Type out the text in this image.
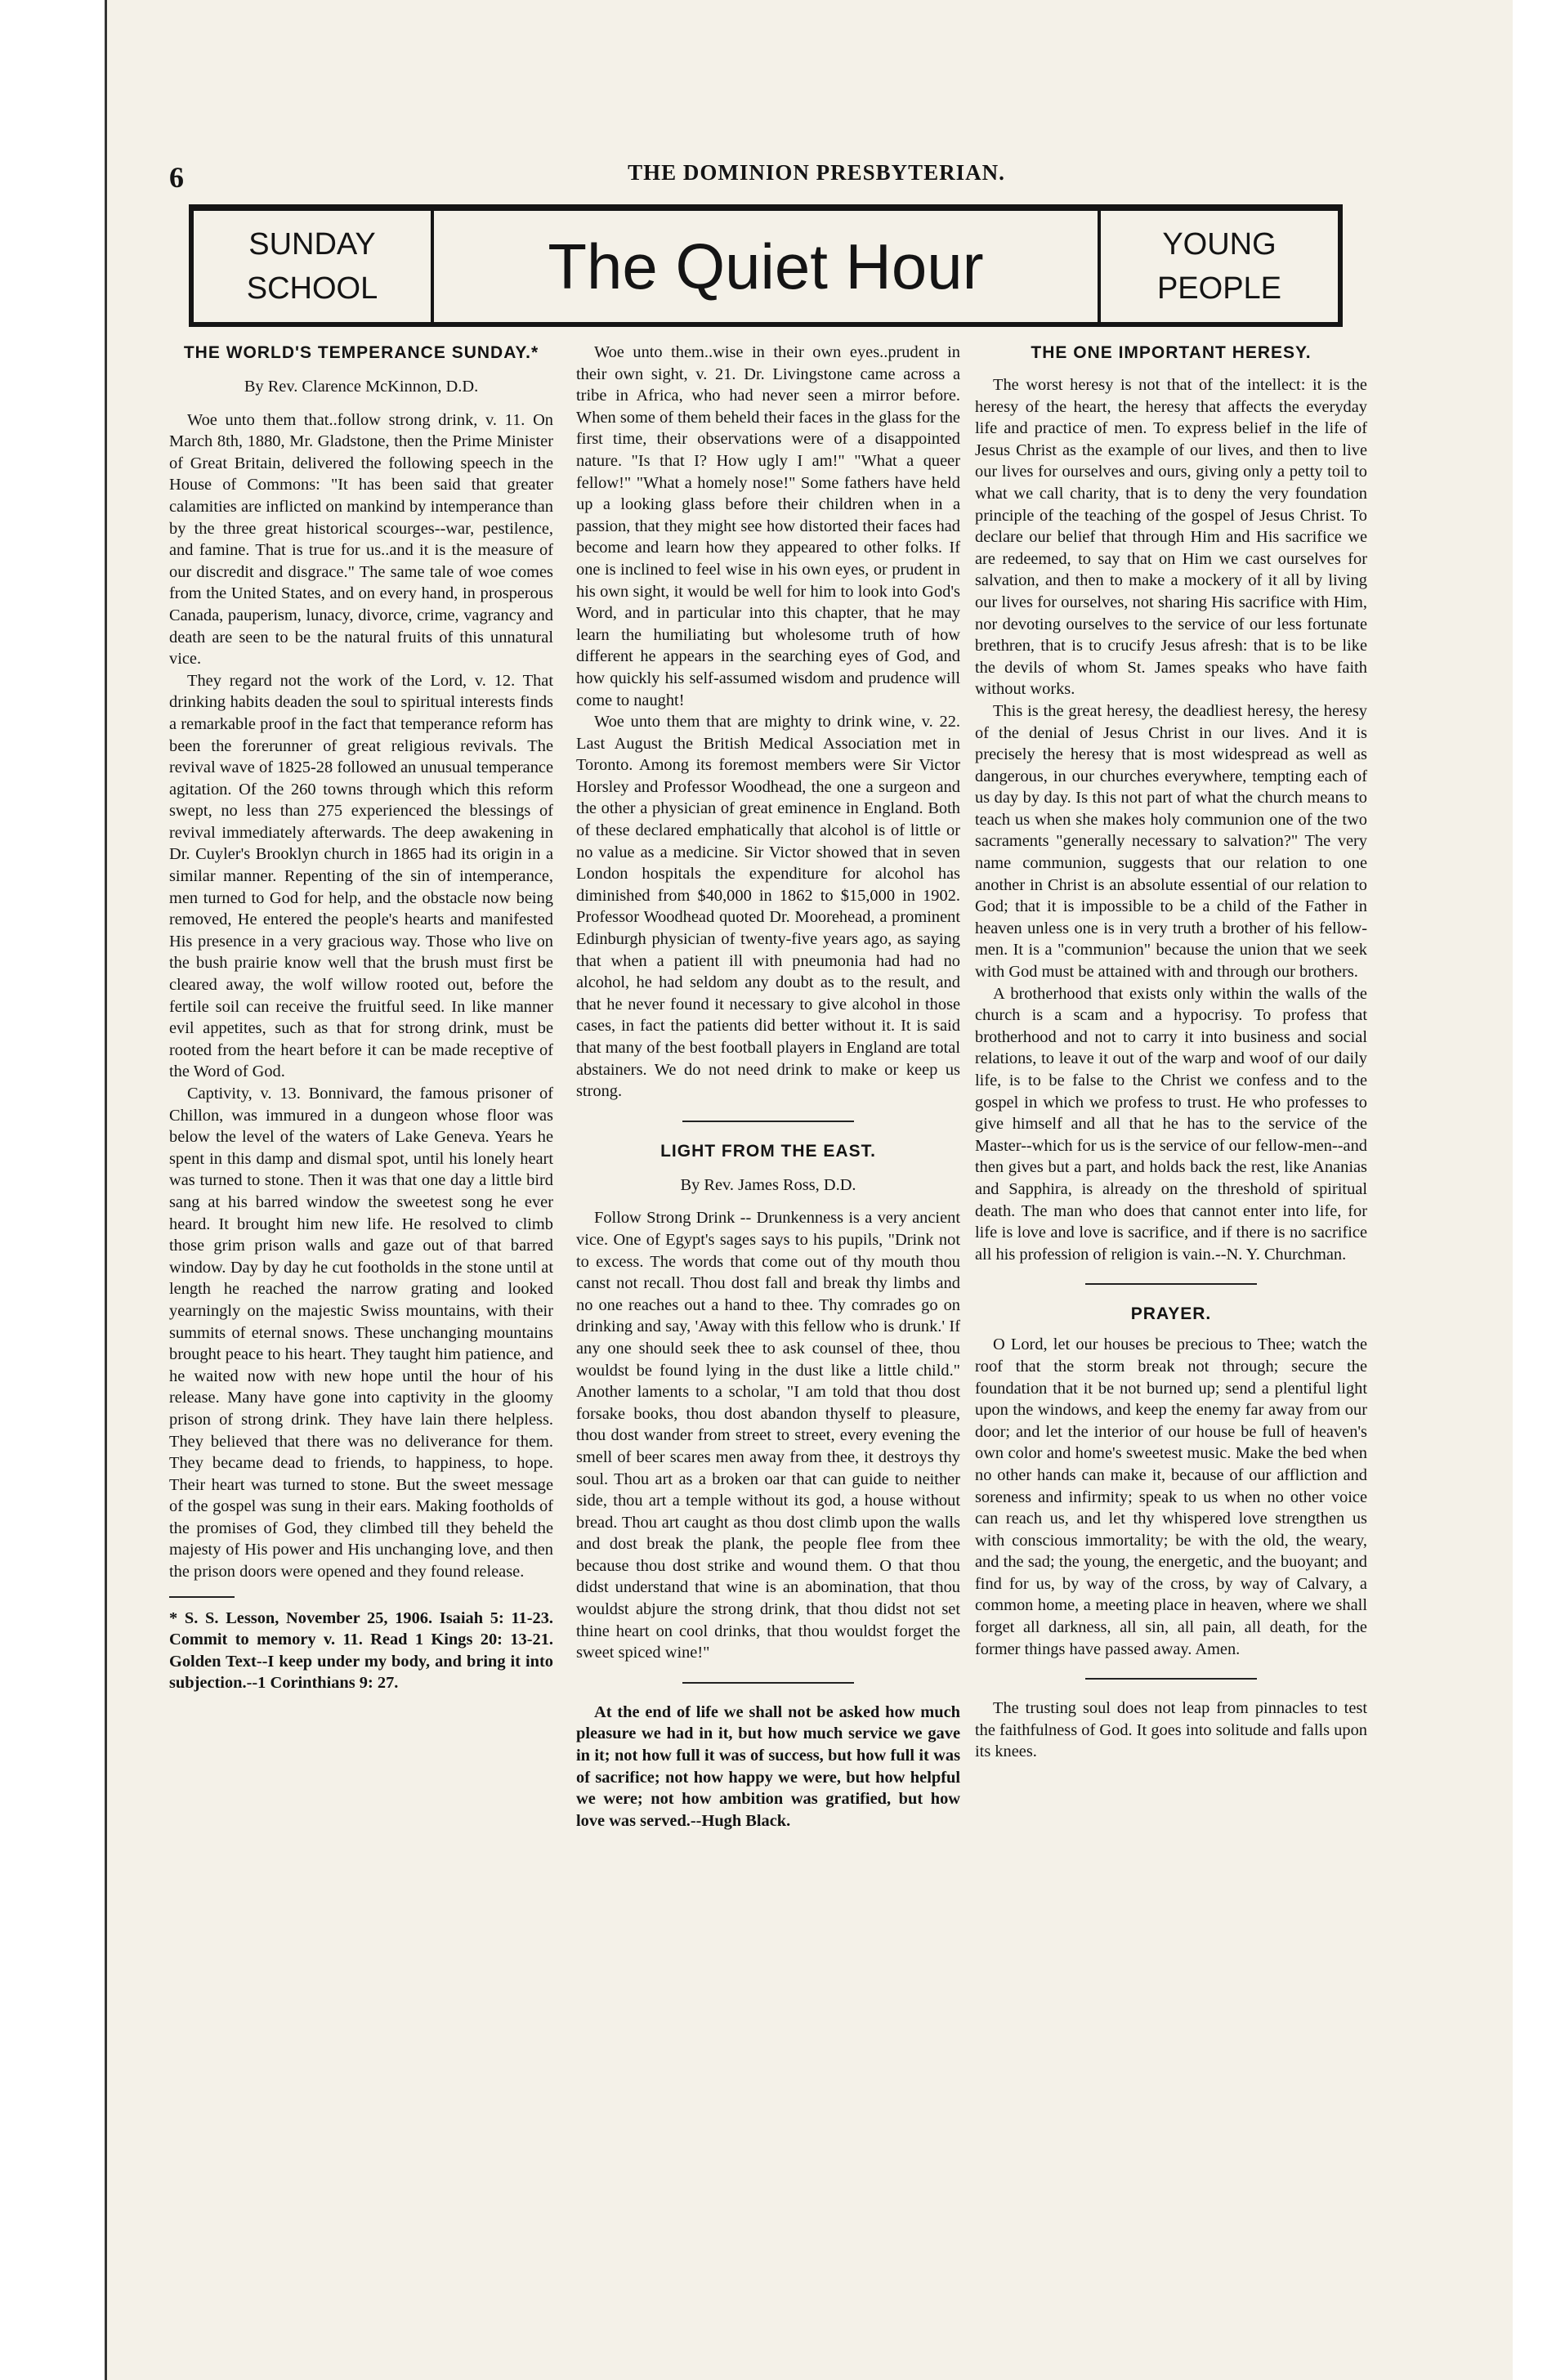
6	THE DOMINION PRESBYTERIAN.
SUNDAY
SCHOOL	The Quiet Hour	YOUNG
PEOPLE
THE WORLD'S TEMPERANCE SUNDAY.*
By Rev. Clarence McKinnon, D.D.

Woe unto them that..follow strong drink, v. 11. On March 8th, 1880, Mr. Gladstone, then the Prime Minister of Great Britain, delivered the following speech in the House of Commons: "It has been said that greater calamities are inflicted on mankind by intemperance than by the three great historical scourges--war, pestilence, and famine. That is true for us..and it is the measure of our discredit and disgrace." The same tale of woe comes from the United States, and on every hand, in prosperous Canada, pauperism, lunacy, divorce, crime, vagrancy and death are seen to be the natural fruits of this unnatural vice.

They regard not the work of the Lord, v. 12. That drinking habits deaden the soul to spiritual interests finds a remarkable proof in the fact that temperance reform has been the forerunner of great religious revivals. The revival wave of 1825-28 followed an unusual temperance agitation. Of the 260 towns through which this reform swept, no less than 275 experienced the blessings of revival immediately afterwards. The deep awakening in Dr. Cuyler's Brooklyn church in 1865 had its origin in a similar manner. Repenting of the sin of intemperance, men turned to God for help, and the obstacle now being removed, He entered the people's hearts and manifested His presence in a very gracious way. Those who live on the bush prairie know well that the brush must first be cleared away, the wolf willow rooted out, before the fertile soil can receive the fruitful seed. In like manner evil appetites, such as that for strong drink, must be rooted from the heart before it can be made receptive of the Word of God.

Captivity, v. 13. Bonnivard, the famous prisoner of Chillon, was immured in a dungeon whose floor was below the level of the waters of Lake Geneva. Years he spent in this damp and dismal spot, until his lonely heart was turned to stone. Then it was that one day a little bird sang at his barred window the sweetest song he ever heard. It brought him new life. He resolved to climb those grim prison walls and gaze out of that barred window. Day by day he cut footholds in the stone until at length he reached the narrow grating and looked yearningly on the majestic Swiss mountains, with their summits of eternal snows. These unchanging mountains brought peace to his heart. They taught him patience, and he waited now with new hope until the hour of his release. Many have gone into captivity in the gloomy prison of strong drink. They have lain there helpless. They believed that there was no deliverance for them. They became dead to friends, to happiness, to hope. Their heart was turned to stone. But the sweet message of the gospel was sung in their ears. Making footholds of the promises of God, they climbed till they beheld the majesty of His power and His unchanging love, and then the prison doors were opened and they found release.

* S. S. Lesson, November 25, 1906. Isaiah 5: 11-23. Commit to memory v. 11. Read 1 Kings 20: 13-21. Golden Text--I keep under my body, and bring it into subjection.--1 Corinthians 9: 27.

Woe unto them..wise in their own eyes..prudent in their own sight, v. 21. Dr. Livingstone came across a tribe in Africa, who had never seen a mirror before. When some of them beheld their faces in the glass for the first time, their observations were of a disappointed nature. "Is that I? How ugly I am!" "What a queer fellow!" "What a homely nose!" Some fathers have held up a looking glass before their children when in a passion, that they might see how distorted their faces had become and learn how they appeared to other folks. If one is inclined to feel wise in his own eyes, or prudent in his own sight, it would be well for him to look into God's Word, and in particular into this chapter, that he may learn the humiliating but wholesome truth of how different he appears in the searching eyes of God, and how quickly his self-assumed wisdom and prudence will come to naught!

Woe unto them that are mighty to drink wine, v. 22. Last August the British Medical Association met in Toronto. Among its foremost members were Sir Victor Horsley and Professor Woodhead, the one a surgeon and the other a physician of great eminence in England. Both of these declared emphatically that alcohol is of little or no value as a medicine. Sir Victor showed that in seven London hospitals the expenditure for alcohol has diminished from $40,000 in 1862 to $15,000 in 1902. Professor Woodhead quoted Dr. Moorehead, a prominent Edinburgh physician of twenty-five years ago, as saying that when a patient ill with pneumonia had had no alcohol, he had seldom any doubt as to the result, and that he never found it necessary to give alcohol in those cases, in fact the patients did better without it. It is said that many of the best football players in England are total abstainers. We do not need drink to make or keep us strong.

LIGHT FROM THE EAST.
By Rev. James Ross, D.D.

Follow Strong Drink -- Drunkenness is a very ancient vice. One of Egypt's sages says to his pupils, "Drink not to excess. The words that come out of thy mouth thou canst not recall. Thou dost fall and break thy limbs and no one reaches out a hand to thee. Thy comrades go on drinking and say, 'Away with this fellow who is drunk.' If any one should seek thee to ask counsel of thee, thou wouldst be found lying in the dust like a little child." Another laments to a scholar, "I am told that thou dost forsake books, thou dost abandon thyself to pleasure, thou dost wander from street to street, every evening the smell of beer scares men away from thee, it destroys thy soul. Thou art as a broken oar that can guide to neither side, thou art a temple without its god, a house without bread. Thou art caught as thou dost climb upon the walls and dost break the plank, the people flee from thee because thou dost strike and wound them. O that thou didst understand that wine is an abomination, that thou wouldst abjure the strong drink, that thou didst not set thine heart on cool drinks, that thou wouldst forget the sweet spiced wine!"

At the end of life we shall not be asked how much pleasure we had in it, but how much service we gave in it; not how full it was of success, but how full it was of sacrifice; not how happy we were, but how helpful we were; not how ambition was gratified, but how love was served.--Hugh Black.

THE ONE IMPORTANT HERESY.

The worst heresy is not that of the intellect: it is the heresy of the heart, the heresy that affects the everyday life and practice of men. To express belief in the life of Jesus Christ as the example of our lives, and then to live our lives for ourselves and ours, giving only a petty toil to what we call charity, that is to deny the very foundation principle of the teaching of the gospel of Jesus Christ. To declare our belief that through Him and His sacrifice we are redeemed, to say that on Him we cast ourselves for salvation, and then to make a mockery of it all by living our lives for ourselves, not sharing His sacrifice with Him, nor devoting ourselves to the service of our less fortunate brethren, that is to crucify Jesus afresh: that is to be like the devils of whom St. James speaks who have faith without works.

This is the great heresy, the deadliest heresy, the heresy of the denial of Jesus Christ in our lives. And it is precisely the heresy that is most widespread as well as dangerous, in our churches everywhere, tempting each of us day by day. Is this not part of what the church means to teach us when she makes holy communion one of the two sacraments "generally necessary to salvation?" The very name communion, suggests that our relation to one another in Christ is an absolute essential of our relation to God; that it is impossible to be a child of the Father in heaven unless one is in very truth a brother of his fellow-men. It is a "communion" because the union that we seek with God must be attained with and through our brothers.

A brotherhood that exists only within the walls of the church is a scam and a hypocrisy. To profess that brotherhood and not to carry it into business and social relations, to leave it out of the warp and woof of our daily life, is to be false to the Christ we confess and to the gospel in which we profess to trust. He who professes to give himself and all that he has to the service of the Master--which for us is the service of our fellow-men--and then gives but a part, and holds back the rest, like Ananias and Sapphira, is already on the threshold of spiritual death. The man who does that cannot enter into life, for life is love and love is sacrifice, and if there is no sacrifice all his profession of religion is vain.--N. Y. Churchman.

PRAYER.

O Lord, let our houses be precious to Thee; watch the roof that the storm break not through; secure the foundation that it be not burned up; send a plentiful light upon the windows, and keep the enemy far away from our door; and let the interior of our house be full of heaven's own color and home's sweetest music. Make the bed when no other hands can make it, because of our affliction and soreness and infirmity; speak to us when no other voice can reach us, and let thy whispered love strengthen us with conscious immortality; be with the old, the weary, and the sad; the young, the energetic, and the buoyant; and find for us, by way of the cross, by way of Calvary, a common home, a meeting place in heaven, where we shall forget all darkness, all sin, all pain, all death, for the former things have passed away. Amen.

The trusting soul does not leap from pinnacles to test the faithfulness of God. It goes into solitude and falls upon its knees.
